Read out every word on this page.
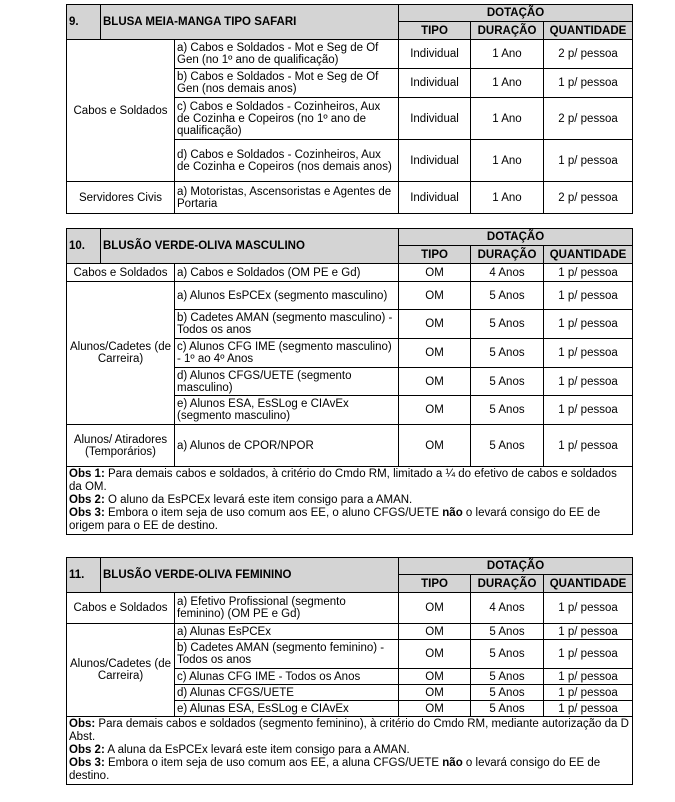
9.	BLUSA MEIA-MANGA TIPO SAFARI		DOTAÇÃO		
			TIPO	DURAÇÃO	QUANTIDADE
Cabos e Soldados		a) Cabos e Soldados - Mot e Seg de Of Gen (no 1º ano de qualificação)	Individual	1 Ano	2 p/ pessoa
		b) Cabos e Soldados - Mot e Seg de Of Gen (nos demais anos)	Individual	1 Ano	1 p/ pessoa
		c) Cabos e Soldados - Cozinheiros, Aux de Cozinha e Copeiros (no 1º ano de qualificação)	Individual	1 Ano	2 p/ pessoa
		d) Cabos e Soldados - Cozinheiros, Aux de Cozinha e Copeiros (nos demais anos)	Individual	1 Ano	1 p/ pessoa
Servidores Civis		a) Motoristas, Ascensoristas e Agentes de Portaria	Individual	1 Ano	2 p/ pessoa
10.	BLUSÃO VERDE-OLIVA MASCULINO		DOTAÇÃO		
			TIPO	DURAÇÃO	QUANTIDADE
Cabos e Soldados		a) Cabos e Soldados (OM PE e Gd)	OM	4 Anos	1 p/ pessoa
Alunos/Cadetes (de Carreira)		a) Alunos EsPCEx (segmento masculino)	OM	5 Anos	1 p/ pessoa
		b) Cadetes AMAN (segmento masculino) - Todos os anos	OM	5 Anos	1 p/ pessoa
		c) Alunos CFG IME (segmento masculino) - 1º ao 4º Anos	OM	5 Anos	1 p/ pessoa
		d) Alunos CFGS/UETE (segmento masculino)	OM	5 Anos	1 p/ pessoa
		e) Alunos ESA, EsSLog e CIAvEx (segmento masculino)	OM	5 Anos	1 p/ pessoa
Alunos/ Atiradores (Temporários)		a) Alunos de CPOR/NPOR	OM	5 Anos	1 p/ pessoa

Obs 1: Para demais cabos e soldados, à critério do Cmdo RM, limitado a ¼ do efetivo de cabos e soldados da OM.
Obs 2: O aluno da EsPCEx levará este item consigo para a AMAN.
Obs 3: Embora o item seja de uso comum aos EE, o aluno CFGS/UETE não o levará consigo do EE de origem para o EE de destino.					
11.	BLUSÃO VERDE-OLIVA FEMININO		DOTAÇÃO		
			TIPO	DURAÇÃO	QUANTIDADE
Cabos e Soldados		a) Efetivo Profissional (segmento feminino) (OM PE e Gd)	OM	4 Anos	1 p/ pessoa
Alunos/Cadetes (de Carreira)		a) Alunas EsPCEx	OM	5 Anos	1 p/ pessoa
		b) Cadetes AMAN (segmento feminino) - Todos os anos	OM	5 Anos	1 p/ pessoa
		c) Alunas CFG IME - Todos os Anos	OM	5 Anos	1 p/ pessoa
		d) Alunas CFGS/UETE	OM	5 Anos	1 p/ pessoa
		e) Alunas ESA, EsSLog e CIAvEx	OM	5 Anos	1 p/ pessoa

Obs: Para demais cabos e soldados (segmento feminino), à critério do Cmdo RM, mediante autorização da D Abst.
Obs 2: A aluna da EsPCEx levará este item consigo para a AMAN.
Obs 3: Embora o item seja de uso comum aos EE, a aluna CFGS/UETE não o levará consigo do EE de destino.					
